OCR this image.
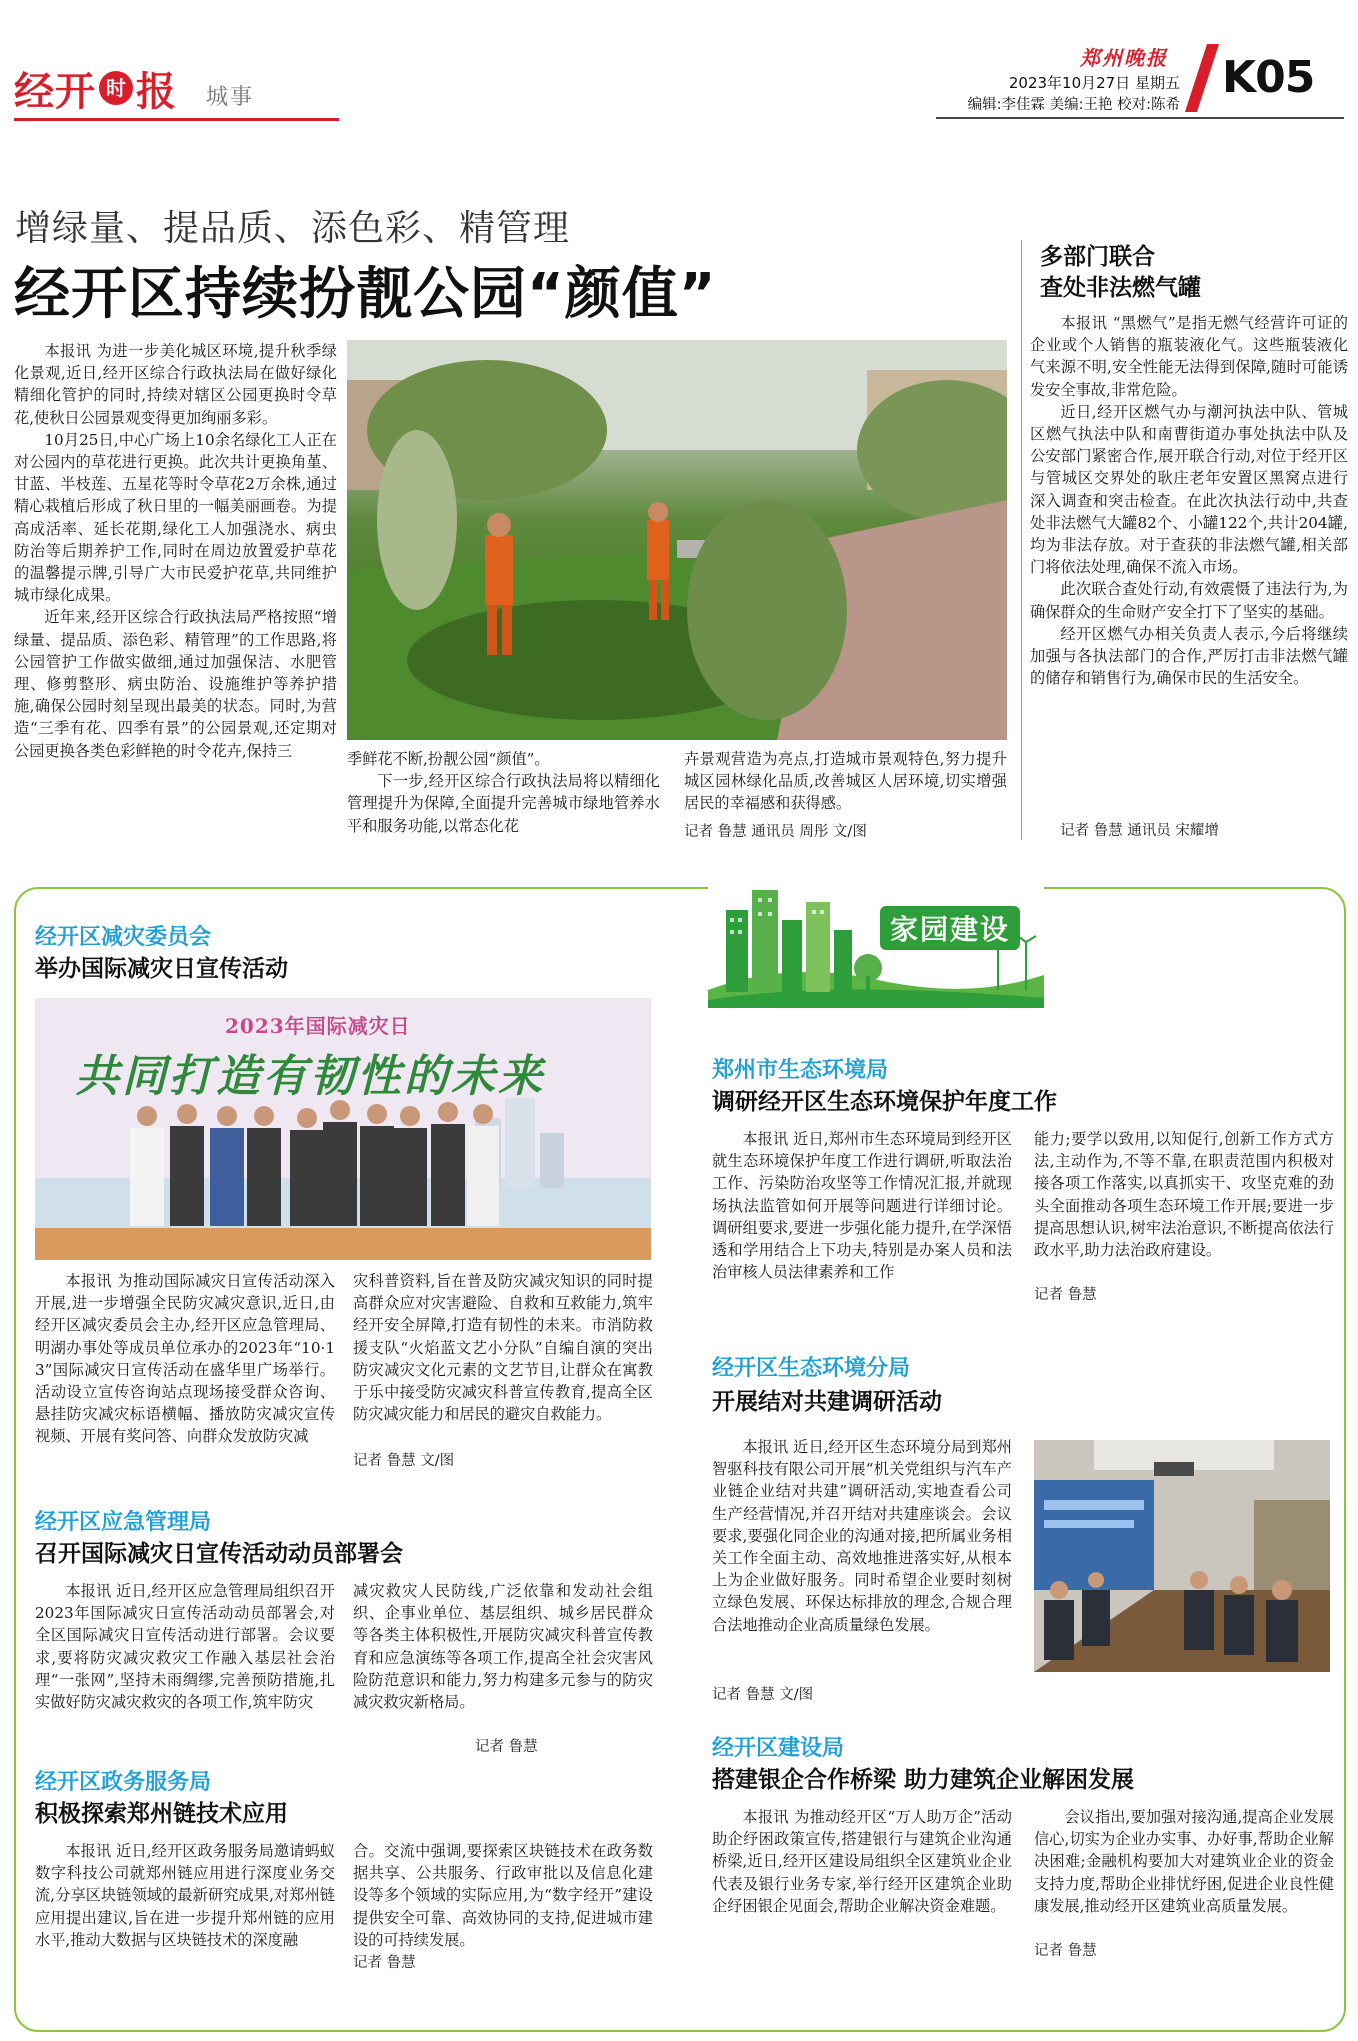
经开 时 报 城事
郑州晚报
2023年10月27日 星期五
编辑:李佳霖 美编:王艳 校对:陈希
K05
增绿量、提品质、添色彩、精管理
经开区持续扮靓公园“颜值”

本报讯 为进一步美化城区环境,提升秋季绿化景观,近日,经开区综合行政执法局在做好绿化精细化管护的同时,持续对辖区公园更换时令草花,使秋日公园景观变得更加绚丽多彩。

10月25日,中心广场上10余名绿化工人正在对公园内的草花进行更换。此次共计更换角堇、甘蓝、半枝莲、五星花等时令草花2万余株,通过精心栽植后形成了秋日里的一幅美丽画卷。为提高成活率、延长花期,绿化工人加强浇水、病虫防治等后期养护工作,同时在周边放置爱护草花的温馨提示牌,引导广大市民爱护花草,共同维护城市绿化成果。

近年来,经开区综合行政执法局严格按照“增绿量、提品质、添色彩、精管理”的工作思路,将公园管护工作做实做细,通过加强保洁、水肥管理、修剪整形、病虫防治、设施维护等养护措施,确保公园时刻呈现出最美的状态。同时,为营造“三季有花、四季有景”的公园景观,还定期对公园更换各类色彩鲜艳的时令花卉,保持三	季鲜花不断,扮靓公园“颜值”。

下一步,经开区综合行政执法局将以精细化管理提升为保障,全面提升完善城市绿地管养水平和服务功能,以常态化花

卉景观营造为亮点,打造城市景观特色,努力提升城区园林绿化品质,改善城区人居环境,切实增强居民的幸福感和获得感。

记者 鲁慧 通讯员 周彤 文/图
多部门联合
查处非法燃气罐

本报讯 “黑燃气”是指无燃气经营许可证的企业或个人销售的瓶装液化气。这些瓶装液化气来源不明,安全性能无法得到保障,随时可能诱发安全事故,非常危险。

近日,经开区燃气办与潮河执法中队、管城区燃气执法中队和南曹街道办事处执法中队及公安部门紧密合作,展开联合行动,对位于经开区与管城区交界处的耿庄老年安置区黑窝点进行深入调查和突击检查。在此次执法行动中,共查处非法燃气大罐82个、小罐122个,共计204罐,均为非法存放。对于查获的非法燃气罐,相关部门将依法处理,确保不流入市场。

此次联合查处行动,有效震慑了违法行为,为确保群众的生命财产安全打下了坚实的基础。

经开区燃气办相关负责人表示,今后将继续加强与各执法部门的合作,严厉打击非法燃气罐的储存和销售行为,确保市民的生活安全。

记者 鲁慧 通讯员 宋耀增
家园建设
经开区减灾委员会
举办国际减灾日宣传活动
2023年国际减灾日
共同打造有韧性的未来

本报讯 为推动国际减灾日宣传活动深入开展,进一步增强全民防灾减灾意识,近日,由经开区减灾委员会主办,经开区应急管理局、明湖办事处等成员单位承办的2023年“10·13”国际减灾日宣传活动在盛华里广场举行。活动设立宣传咨询站点现场接受群众咨询、悬挂防灾减灾标语横幅、播放防灾减灾宣传视频、开展有奖问答、向群众发放防灾减

灾科普资料,旨在普及防灾减灾知识的同时提高群众应对灾害避险、自救和互救能力,筑牢经开安全屏障,打造有韧性的未来。市消防救援支队“火焰蓝文艺小分队”自编自演的突出防灾减灾文化元素的文艺节目,让群众在寓教于乐中接受防灾减灾科普宣传教育,提高全区防灾减灾能力和居民的避灾自救能力。

记者 鲁慧 文/图
经开区应急管理局
召开国际减灾日宣传活动动员部署会

本报讯 近日,经开区应急管理局组织召开2023年国际减灾日宣传活动动员部署会,对全区国际减灾日宣传活动进行部署。会议要求,要将防灾减灾救灾工作融入基层社会治理“一张网”,坚持未雨绸缪,完善预防措施,扎实做好防灾减灾救灾的各项工作,筑牢防灾

减灾救灾人民防线,广泛依靠和发动社会组织、企事业单位、基层组织、城乡居民群众等各类主体积极性,开展防灾减灾科普宣传教育和应急演练等各项工作,提高全社会灾害风险防范意识和能力,努力构建多元参与的防灾减灾救灾新格局。

记者 鲁慧
经开区政务服务局
积极探索郑州链技术应用

本报讯 近日,经开区政务服务局邀请蚂蚁数字科技公司就郑州链应用进行深度业务交流,分享区块链领域的最新研究成果,对郑州链应用提出建议,旨在进一步提升郑州链的应用水平,推动大数据与区块链技术的深度融

合。交流中强调,要探索区块链技术在政务数据共享、公共服务、行政审批以及信息化建设等多个领域的实际应用,为“数字经开”建设提供安全可靠、高效协同的支持,促进城市建设的可持续发展。

记者 鲁慧
郑州市生态环境局
调研经开区生态环境保护年度工作

本报讯 近日,郑州市生态环境局到经开区就生态环境保护年度工作进行调研,听取法治工作、污染防治攻坚等工作情况汇报,并就现场执法监管如何开展等问题进行详细讨论。调研组要求,要进一步强化能力提升,在学深悟透和学用结合上下功夫,特别是办案人员和法治审核人员法律素养和工作

能力;要学以致用,以知促行,创新工作方式方法,主动作为,不等不靠,在职责范围内积极对接各项工作落实,以真抓实干、攻坚克难的劲头全面推动各项生态环境工作开展;要进一步提高思想认识,树牢法治意识,不断提高依法行政水平,助力法治政府建设。

记者 鲁慧
经开区生态环境分局
开展结对共建调研活动

本报讯 近日,经开区生态环境分局到郑州智驱科技有限公司开展“机关党组织与汽车产业链企业结对共建”调研活动,实地查看公司生产经营情况,并召开结对共建座谈会。会议要求,要强化同企业的沟通对接,把所属业务相关工作全面主动、高效地推进落实好,从根本上为企业做好服务。同时希望企业要时刻树立绿色发展、环保达标排放的理念,合规合理合法地推动企业高质量绿色发展。

记者 鲁慧 文/图
经开区建设局
搭建银企合作桥梁 助力建筑企业解困发展

本报讯 为推动经开区“万人助万企”活动助企纾困政策宣传,搭建银行与建筑企业沟通桥梁,近日,经开区建设局组织全区建筑业企业代表及银行业务专家,举行经开区建筑企业助企纾困银企见面会,帮助企业解决资金难题。

会议指出,要加强对接沟通,提高企业发展信心,切实为企业办实事、办好事,帮助企业解决困难;金融机构要加大对建筑业企业的资金支持力度,帮助企业排忧纾困,促进企业良性健康发展,推动经开区建筑业高质量发展。

记者 鲁慧
